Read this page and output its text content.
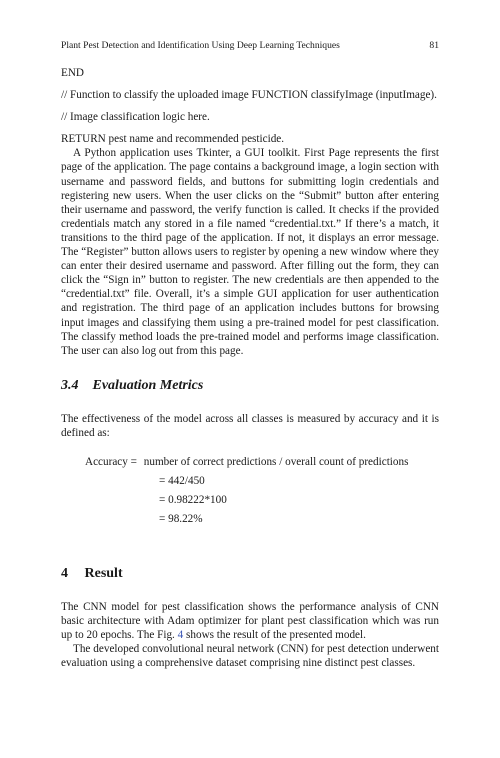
Plant Pest Detection and Identification Using Deep Learning Techniques	81

END

// Function to classify the uploaded image FUNCTION classifyImage (inputImage).

// Image classification logic here.

RETURN pest name and recommended pesticide.

A Python application uses Tkinter, a GUI toolkit. First Page represents the first page of the application. The page contains a background image, a login section with username and password fields, and buttons for submitting login credentials and registering new users. When the user clicks on the “Submit” button after entering their username and password, the verify function is called. It checks if the provided credentials match any stored in a file named “credential.txt.” If there’s a match, it transitions to the third page of the application. If not, it displays an error message. The “Register” button allows users to register by opening a new window where they can enter their desired username and password. After filling out the form, they can click the “Sign in” button to register. The new credentials are then appended to the “credential.txt” file. Overall, it’s a simple GUI application for user authentication and registration. The third page of an application includes buttons for browsing input images and classifying them using a pre-trained model for pest classification. The classify method loads the pre-trained model and performs image classification. The user can also log out from this page.

3.4 Evaluation Metrics

The effectiveness of the model across all classes is measured by accuracy and it is defined as:

Accuracy = number of correct predictions / overall count of predictions
= 442/450
= 0.98222*100
= 98.22%
4 Result

The CNN model for pest classification shows the performance analysis of CNN basic architecture with Adam optimizer for plant pest classification which was run up to 20 epochs. The Fig. 4 shows the result of the presented model.

The developed convolutional neural network (CNN) for pest detection underwent evaluation using a comprehensive dataset comprising nine distinct pest classes.
